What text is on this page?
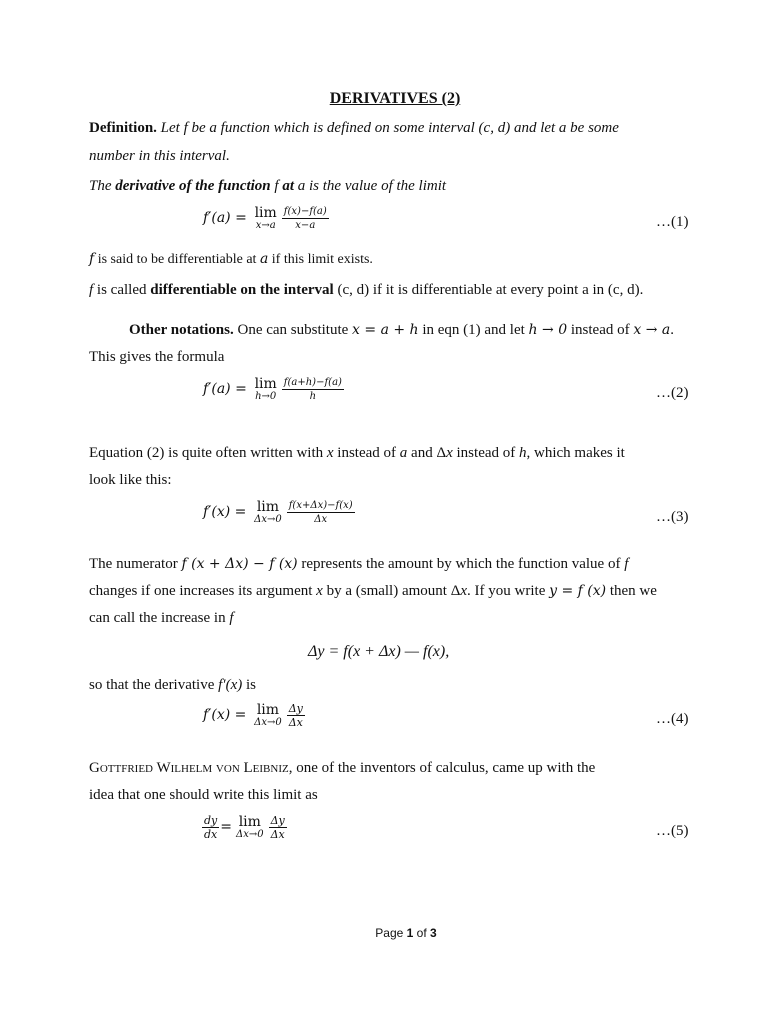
DERIVATIVES (2)
Definition. Let f be a function which is defined on some interval (c, d) and let a be some
number in this interval.
The derivative of the function f at a is the value of the limit
f′(a) = lim
$x\to a \frac{f(x)-f(a)}{x-a}$	…(1)
f is said to be differentiable at a if this limit exists.
f is called differentiable on the interval (c, d) if it is differentiable at every point a in (c, d).
Other notations. One can substitute x = a + h in eqn (1) and let h → 0 instead of x → a.
This gives the formula
f′(a) = lim
$h\to 0 \frac{f(a+h)-f(a)}{h}$	…(2)
Equation (2) is quite often written with x instead of a and Δx instead of h, which makes it
look like this:
f′(x) = lim
$\Delta x\to 0 \frac{f(x+\Delta x)-f(x)}{\Delta x}$	…(3)
The numerator f (x + Δx) − f (x) represents the amount by which the function value of f
changes if one increases its argument x by a (small) amount Δx. If you write y = f (x) then we
can call the increase in f
Δy = f(x + Δx) — f(x),
so that the derivative f′(x) is
f′(x) = lim
$\Delta x\to 0 \frac{\Delta y}{\Delta x}$	…(4)
Gottfried Wilhelm von Leibniz, one of the inventors of calculus, came up with the
idea that one should write this limit as
$\frac{dy}{dx} = \lim$
$\Delta x\to 0 \frac{\Delta y}{\Delta x}$	…(5)
Page 1 of 3
